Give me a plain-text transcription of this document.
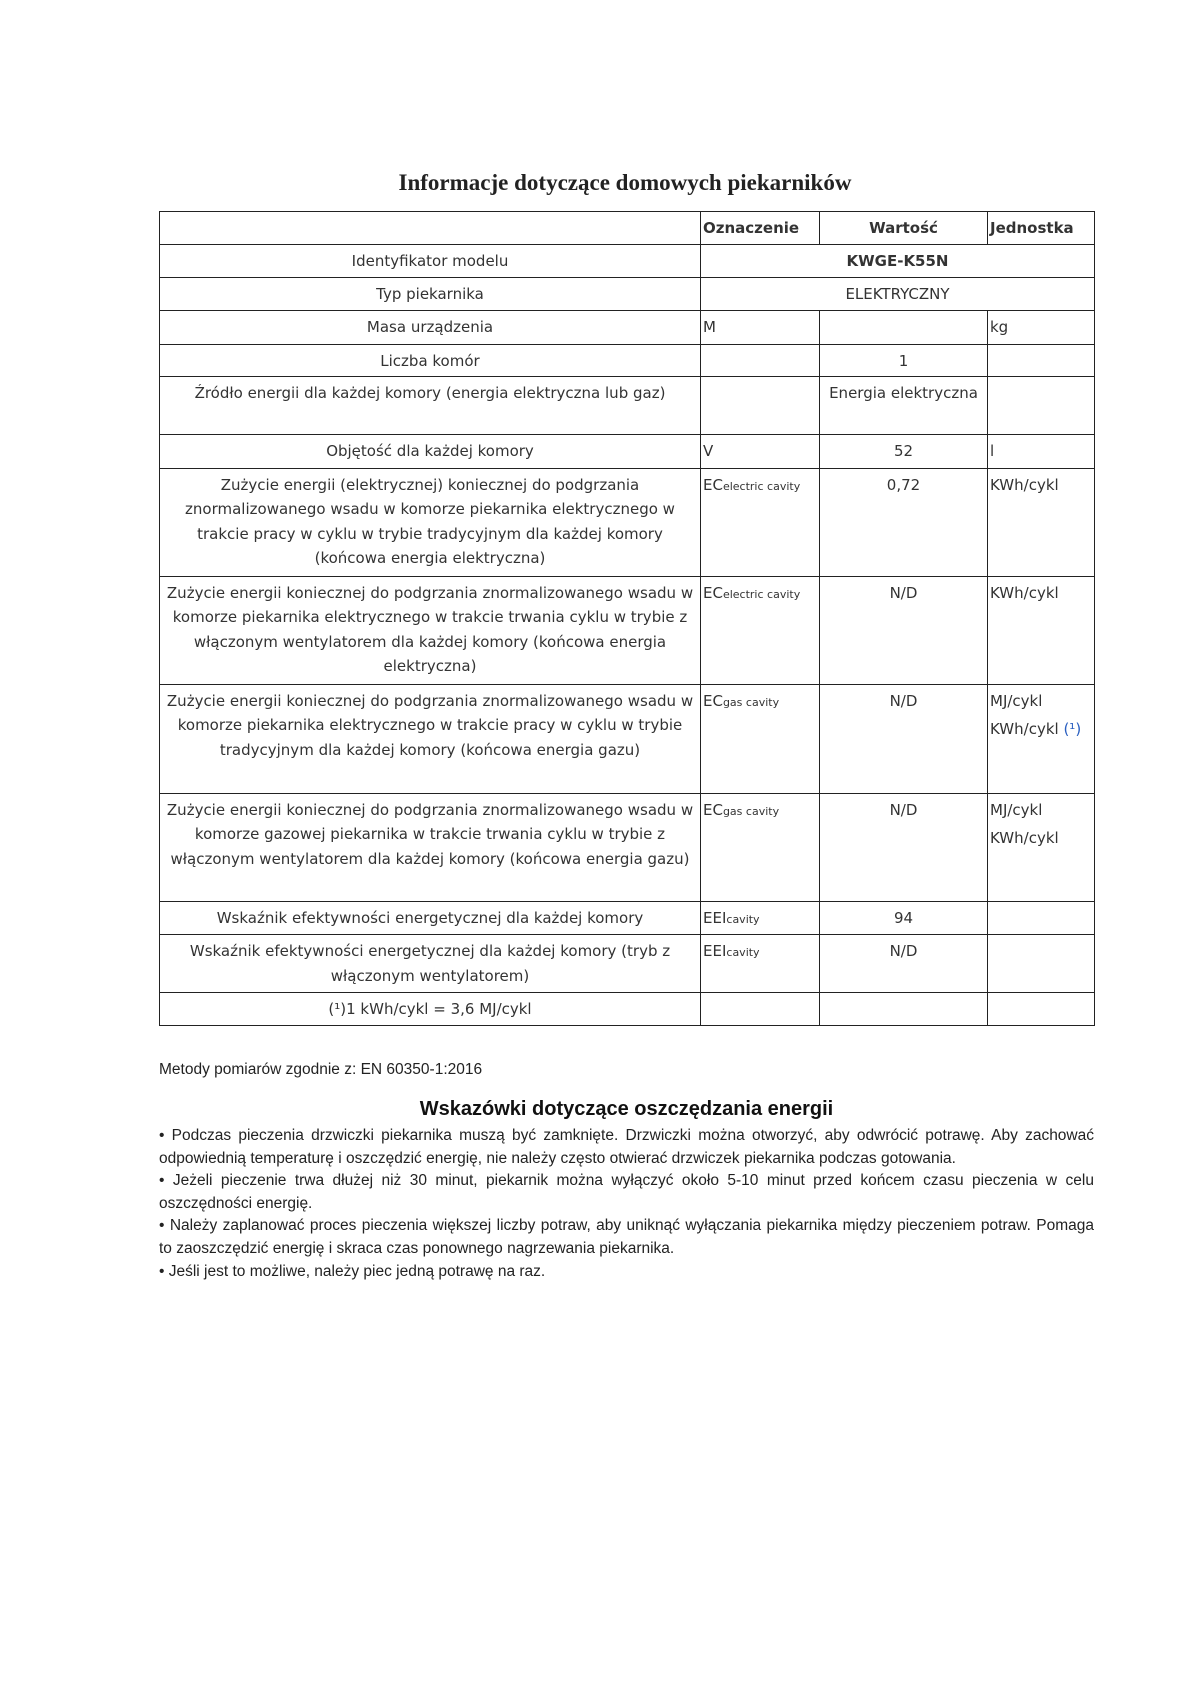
Informacje dotyczące domowych piekarników
	Oznaczenie	Wartość	Jednostka
Identyfikator modelu	KWGE-K55N		
Typ piekarnika	ELEKTRYCZNY		
Masa urządzenia	M		kg

Liczba komór		1	

Źródło energii dla każdej komory (energia elektryczna lub gaz)		Energia elektryczna	

Objętość dla każdej komory	V	52	l

Zużycie energii (elektrycznej) koniecznej do podgrzania znormalizowanego wsadu w komorze piekarnika elektrycznego w trakcie pracy w cyklu w trybie tradycyjnym dla każdej komory (końcowa energia elektryczna)	ECelectric cavity	0,72	KWh/cykl

Zużycie energii koniecznej do podgrzania znormalizowanego wsadu w komorze piekarnika elektrycznego w trakcie trwania cyklu w trybie z włączonym wentylatorem dla każdej komory (końcowa energia elektryczna)	ECelectric cavity	N/D	KWh/cykl

Zużycie energii koniecznej do podgrzania znormalizowanego wsadu w komorze piekarnika elektrycznego w trakcie pracy w cyklu w trybie tradycyjnym dla każdej komory (końcowa energia gazu)	ECgas cavity	N/D	MJ/cykl
KWh/cykl (¹)

Zużycie energii koniecznej do podgrzania znormalizowanego wsadu w komorze gazowej piekarnika w trakcie trwania cyklu w trybie z włączonym wentylatorem dla każdej komory (końcowa energia gazu)	ECgas cavity	N/D	MJ/cykl
KWh/cykl

Wskaźnik efektywności energetycznej dla każdej komory	EEIcavity	94	

Wskaźnik efektywności energetycznej dla każdej komory (tryb z włączonym wentylatorem)	EEIcavity	N/D	

(¹)1 kWh/cykl = 3,6 MJ/cykl			
Metody pomiarów zgodnie z: EN 60350-1:2016
Wskazówki dotyczące oszczędzania energii

• Podczas pieczenia drzwiczki piekarnika muszą być zamknięte. Drzwiczki można otworzyć, aby odwrócić potrawę. Aby zachować odpowiednią temperaturę i oszczędzić energię, nie należy często otwierać drzwiczek piekarnika podczas gotowania.

• Jeżeli pieczenie trwa dłużej niż 30 minut, piekarnik można wyłączyć około 5-10 minut przed końcem czasu pieczenia w celu oszczędności energię.

• Należy zaplanować proces pieczenia większej liczby potraw, aby uniknąć wyłączania piekarnika między pieczeniem potraw. Pomaga to zaoszczędzić energię i skraca czas ponownego nagrzewania piekarnika.

• Jeśli jest to możliwe, należy piec jedną potrawę na raz.
